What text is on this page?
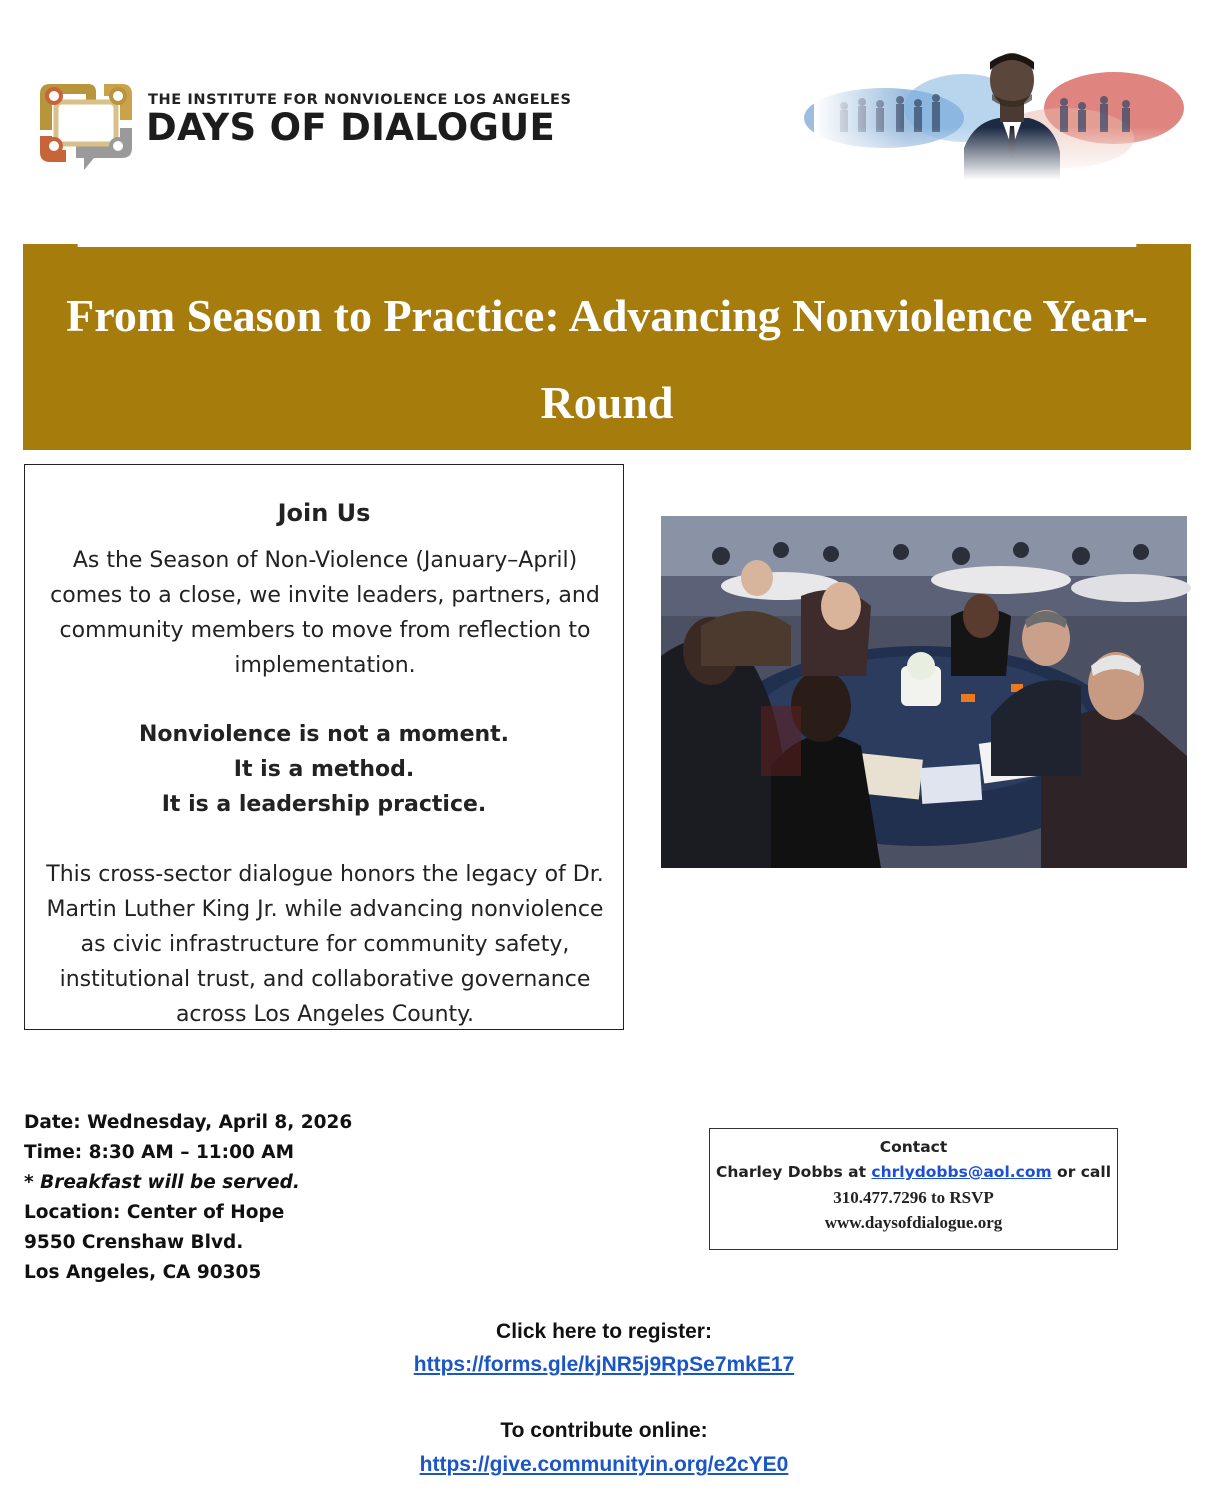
THE INSTITUTE FOR NONVIOLENCE LOS ANGELES
DAYS OF DIALOGUE
———————————————————————
From Season to Practice: Advancing Nonviolence Year-Round
Join Us
As the Season of Non-Violence (January–April) comes to a close, we invite leaders, partners, and community members to move from reflection to implementation.
Nonviolence is not a moment.
It is a method.
It is a leadership practice.
This cross-sector dialogue honors the legacy of Dr. Martin Luther King Jr. while advancing nonviolence as civic infrastructure for community safety, institutional trust, and collaborative governance across Los Angeles County.
Date: Wednesday, April 8, 2026
Time: 8:30 AM – 11:00 AM
* Breakfast will be served.
Location: Center of Hope
9550 Crenshaw Blvd.
Los Angeles, CA 90305
Contact
Charley Dobbs at chrlydobbs@aol.com or call
310.477.7296 to RSVP
www.daysofdialogue.org
Click here to register:
https://forms.gle/kjNR5j9RpSe7mkE17
To contribute online:
https://give.communityin.org/e2cYE0
